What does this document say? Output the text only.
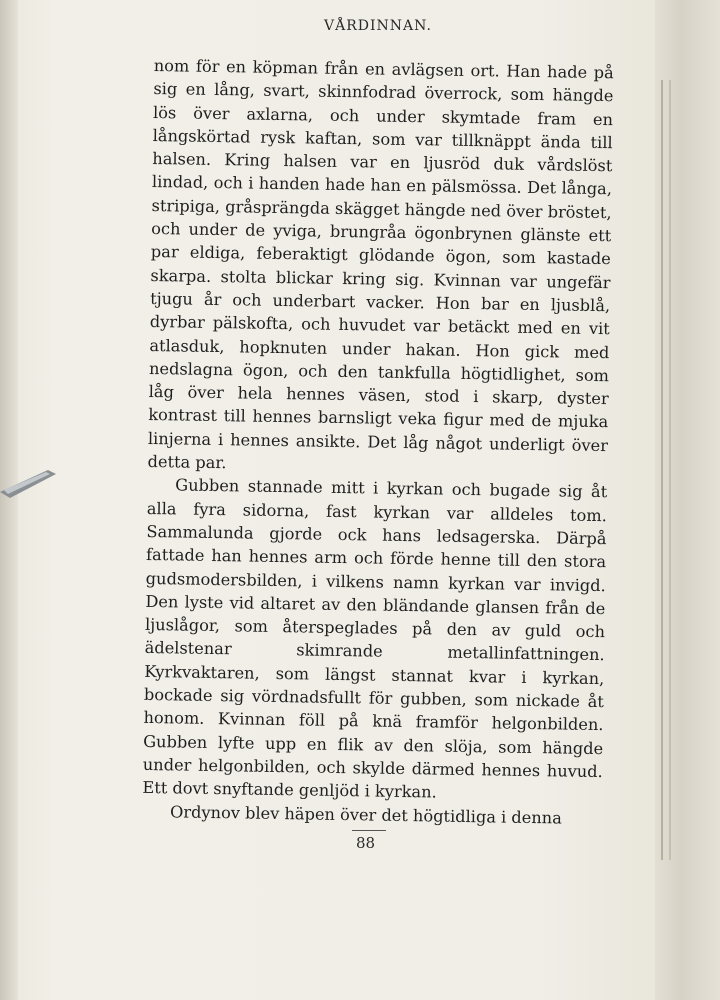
VÅRDINNAN.

nom för en köpman från en avlägsen ort. Han hade på sig en lång, svart, skinnfodrad överrock, som hängde lös över axlarna, och under skymtade fram en långskörtad rysk kaftan, som var tillknäppt ända till halsen. Kring halsen var en ljusröd duk vårdslöst lindad, och i handen hade han en pälsmössa. Det långa, stripiga, gråsprängda skägget hängde ned över bröstet, och under de yviga, brungråa ögonbrynen glänste ett par eldiga, feberaktigt glödande ögon, som kastade skarpa. stolta blickar kring sig. Kvinnan var ungefär tjugu år och underbart vacker. Hon bar en ljusblå, dyrbar pälskofta, och huvudet var betäckt med en vit atlasduk, hopknuten under hakan. Hon gick med nedslagna ögon, och den tankfulla högtidlighet, som låg över hela hennes väsen, stod i skarp, dyster kontrast till hennes barnsligt veka figur med de mjuka linjerna i hennes ansikte. Det låg något underligt över detta par.

Gubben stannade mitt i kyrkan och bugade sig åt alla fyra sidorna, fast kyrkan var alldeles tom. Sammalunda gjorde ock hans ledsagerska. Därpå fattade han hennes arm och förde henne till den stora gudsmodersbilden, i vilkens namn kyrkan var invigd. Den lyste vid altaret av den bländande glansen från de ljuslågor, som återspeglades på den av guld och ädelstenar skimrande metallinfattningen. Kyrkvaktaren, som längst stannat kvar i kyrkan, bockade sig vördnadsfullt för gubben, som nickade åt honom. Kvinnan föll på knä framför helgonbilden. Gubben lyfte upp en flik av den slöja, som hängde under helgonbilden, och skylde därmed hennes huvud. Ett dovt snyftande genljöd i kyrkan.

Ordynov blev häpen över det högtidliga i denna

88
